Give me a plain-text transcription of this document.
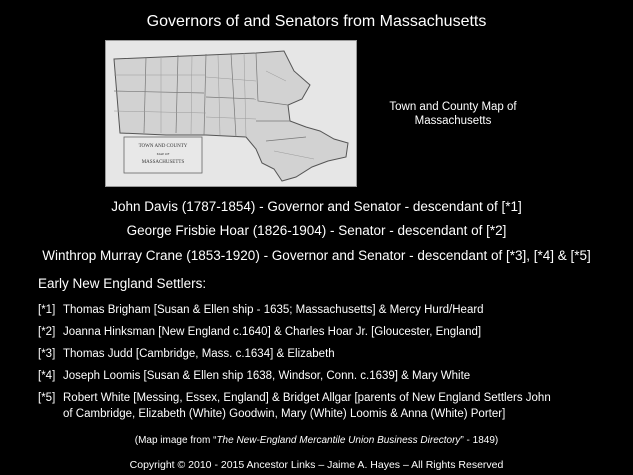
Governors of and Senators from Massachusetts
TOWN AND COUNTY
MAP OF
MASSACHUSETTS
Town and County Map of Massachusetts
John Davis (1787-1854) - Governor and Senator - descendant of [*1]
George Frisbie Hoar (1826-1904) - Senator - descendant of [*2]
Winthrop Murray Crane (1853-1920) - Governor and Senator - descendant of [*3], [*4] & [*5]
Early New England Settlers:
[*1] Thomas Brigham [Susan & Ellen ship - 1635; Massachusetts] & Mercy Hurd/Heard
[*2] Joanna Hinksman [New England c.1640] & Charles Hoar Jr. [Gloucester, England]
[*3] Thomas Judd [Cambridge, Mass. c.1634] & Elizabeth
[*4] Joseph Loomis [Susan & Ellen ship 1638, Windsor, Conn. c.1639] & Mary White
[*5] Robert White [Messing, Essex, England] & Bridget Allgar [parents of New England Settlers John
of Cambridge, Elizabeth (White) Goodwin, Mary (White) Loomis & Anna (White) Porter]
(Map image from “The New-England Mercantile Union Business Directory” - 1849)
Copyright © 2010 - 2015 Ancestor Links – Jaime A. Hayes – All Rights Reserved
